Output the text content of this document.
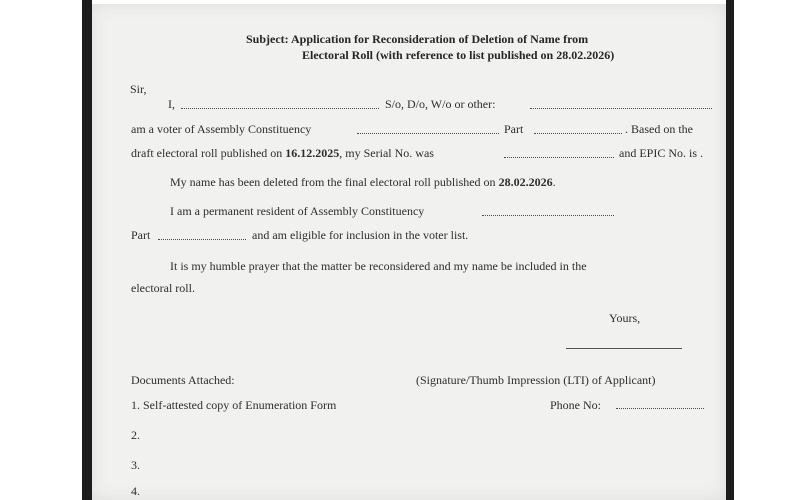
Subject: Application for Reconsideration of Deletion of Name from
Electoral Roll (with reference to list published on 28.02.2026)
Sir,
I,	S/o, D/o, W/o or other:
am a voter of Assembly Constituency	Part	. Based on the
draft electoral roll published on 16.12.2025, my Serial No. was	and EPIC No. is .
My name has been deleted from the final electoral roll published on 28.02.2026.
I am a permanent resident of Assembly Constituency
Part	and am eligible for inclusion in the voter list.
It is my humble prayer that the matter be reconsidered and my name be included in the
electoral roll.
Yours,
Documents Attached:	(Signature/Thumb Impression (LTI) of Applicant)
1. Self-attested copy of Enumeration Form	Phone No:
2.
3.
4.
